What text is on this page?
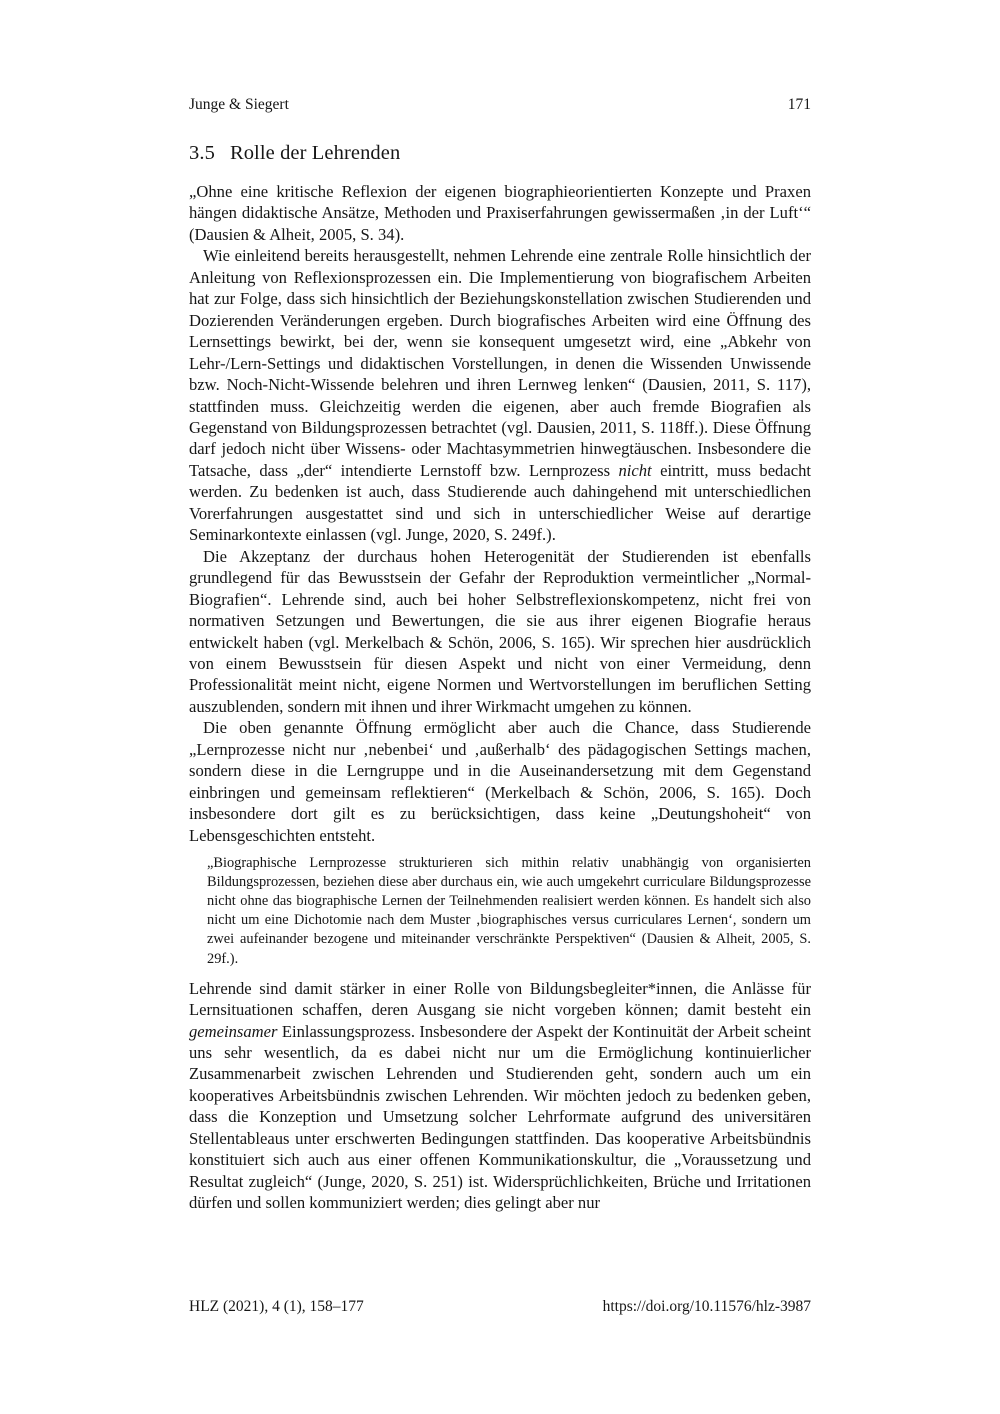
Junge & Siegert	171
3.5 Rolle der Lehrenden

„Ohne eine kritische Reflexion der eigenen biographieorientierten Konzepte und Praxen hängen didaktische Ansätze, Methoden und Praxiserfahrungen gewissermaßen ‚in der Luft‘“ (Dausien & Alheit, 2005, S. 34).

Wie einleitend bereits herausgestellt, nehmen Lehrende eine zentrale Rolle hinsichtlich der Anleitung von Reflexionsprozessen ein. Die Implementierung von biografischem Arbeiten hat zur Folge, dass sich hinsichtlich der Beziehungskonstellation zwischen Studierenden und Dozierenden Veränderungen ergeben. Durch biografisches Arbeiten wird eine Öffnung des Lernsettings bewirkt, bei der, wenn sie konsequent umgesetzt wird, eine „Abkehr von Lehr-/Lern-Settings und didaktischen Vorstellungen, in denen die Wissenden Unwissende bzw. Noch-Nicht-Wissende belehren und ihren Lernweg lenken“ (Dausien, 2011, S. 117), stattfinden muss. Gleichzeitig werden die eigenen, aber auch fremde Biografien als Gegenstand von Bildungsprozessen betrachtet (vgl. Dausien, 2011, S. 118ff.). Diese Öffnung darf jedoch nicht über Wissens- oder Machtasymmetrien hinwegtäuschen. Insbesondere die Tatsache, dass „der“ intendierte Lernstoff bzw. Lernprozess nicht eintritt, muss bedacht werden. Zu bedenken ist auch, dass Studierende auch dahingehend mit unterschiedlichen Vorerfahrungen ausgestattet sind und sich in unterschiedlicher Weise auf derartige Seminarkontexte einlassen (vgl. Junge, 2020, S. 249f.).

Die Akzeptanz der durchaus hohen Heterogenität der Studierenden ist ebenfalls grundlegend für das Bewusstsein der Gefahr der Reproduktion vermeintlicher „Normal-Biografien“. Lehrende sind, auch bei hoher Selbstreflexionskompetenz, nicht frei von normativen Setzungen und Bewertungen, die sie aus ihrer eigenen Biografie heraus entwickelt haben (vgl. Merkelbach & Schön, 2006, S. 165). Wir sprechen hier ausdrücklich von einem Bewusstsein für diesen Aspekt und nicht von einer Vermeidung, denn Professionalität meint nicht, eigene Normen und Wertvorstellungen im beruflichen Setting auszublenden, sondern mit ihnen und ihrer Wirkmacht umgehen zu können.

Die oben genannte Öffnung ermöglicht aber auch die Chance, dass Studierende „Lernprozesse nicht nur ‚nebenbei‘ und ‚außerhalb‘ des pädagogischen Settings machen, sondern diese in die Lerngruppe und in die Auseinandersetzung mit dem Gegenstand einbringen und gemeinsam reflektieren“ (Merkelbach & Schön, 2006, S. 165). Doch insbesondere dort gilt es zu berücksichtigen, dass keine „Deutungshoheit“ von Lebensgeschichten entsteht.

„Biographische Lernprozesse strukturieren sich mithin relativ unabhängig von organisierten Bildungsprozessen, beziehen diese aber durchaus ein, wie auch umgekehrt curriculare Bildungsprozesse nicht ohne das biographische Lernen der Teilnehmenden realisiert werden können. Es handelt sich also nicht um eine Dichotomie nach dem Muster ‚biographisches versus curriculares Lernen‘, sondern um zwei aufeinander bezogene und miteinander verschränkte Perspektiven“ (Dausien & Alheit, 2005, S. 29f.).

Lehrende sind damit stärker in einer Rolle von Bildungsbegleiter*innen, die Anlässe für Lernsituationen schaffen, deren Ausgang sie nicht vorgeben können; damit besteht ein gemeinsamer Einlassungsprozess. Insbesondere der Aspekt der Kontinuität der Arbeit scheint uns sehr wesentlich, da es dabei nicht nur um die Ermöglichung kontinuierlicher Zusammenarbeit zwischen Lehrenden und Studierenden geht, sondern auch um ein kooperatives Arbeitsbündnis zwischen Lehrenden. Wir möchten jedoch zu bedenken geben, dass die Konzeption und Umsetzung solcher Lehrformate aufgrund des universitären Stellentableaus unter erschwerten Bedingungen stattfinden. Das kooperative Arbeitsbündnis konstituiert sich auch aus einer offenen Kommunikationskultur, die „Voraussetzung und Resultat zugleich“ (Junge, 2020, S. 251) ist. Widersprüchlichkeiten, Brüche und Irritationen dürfen und sollen kommuniziert werden; dies gelingt aber nur

HLZ (2021), 4 (1), 158–177	https://doi.org/10.11576/hlz-3987
